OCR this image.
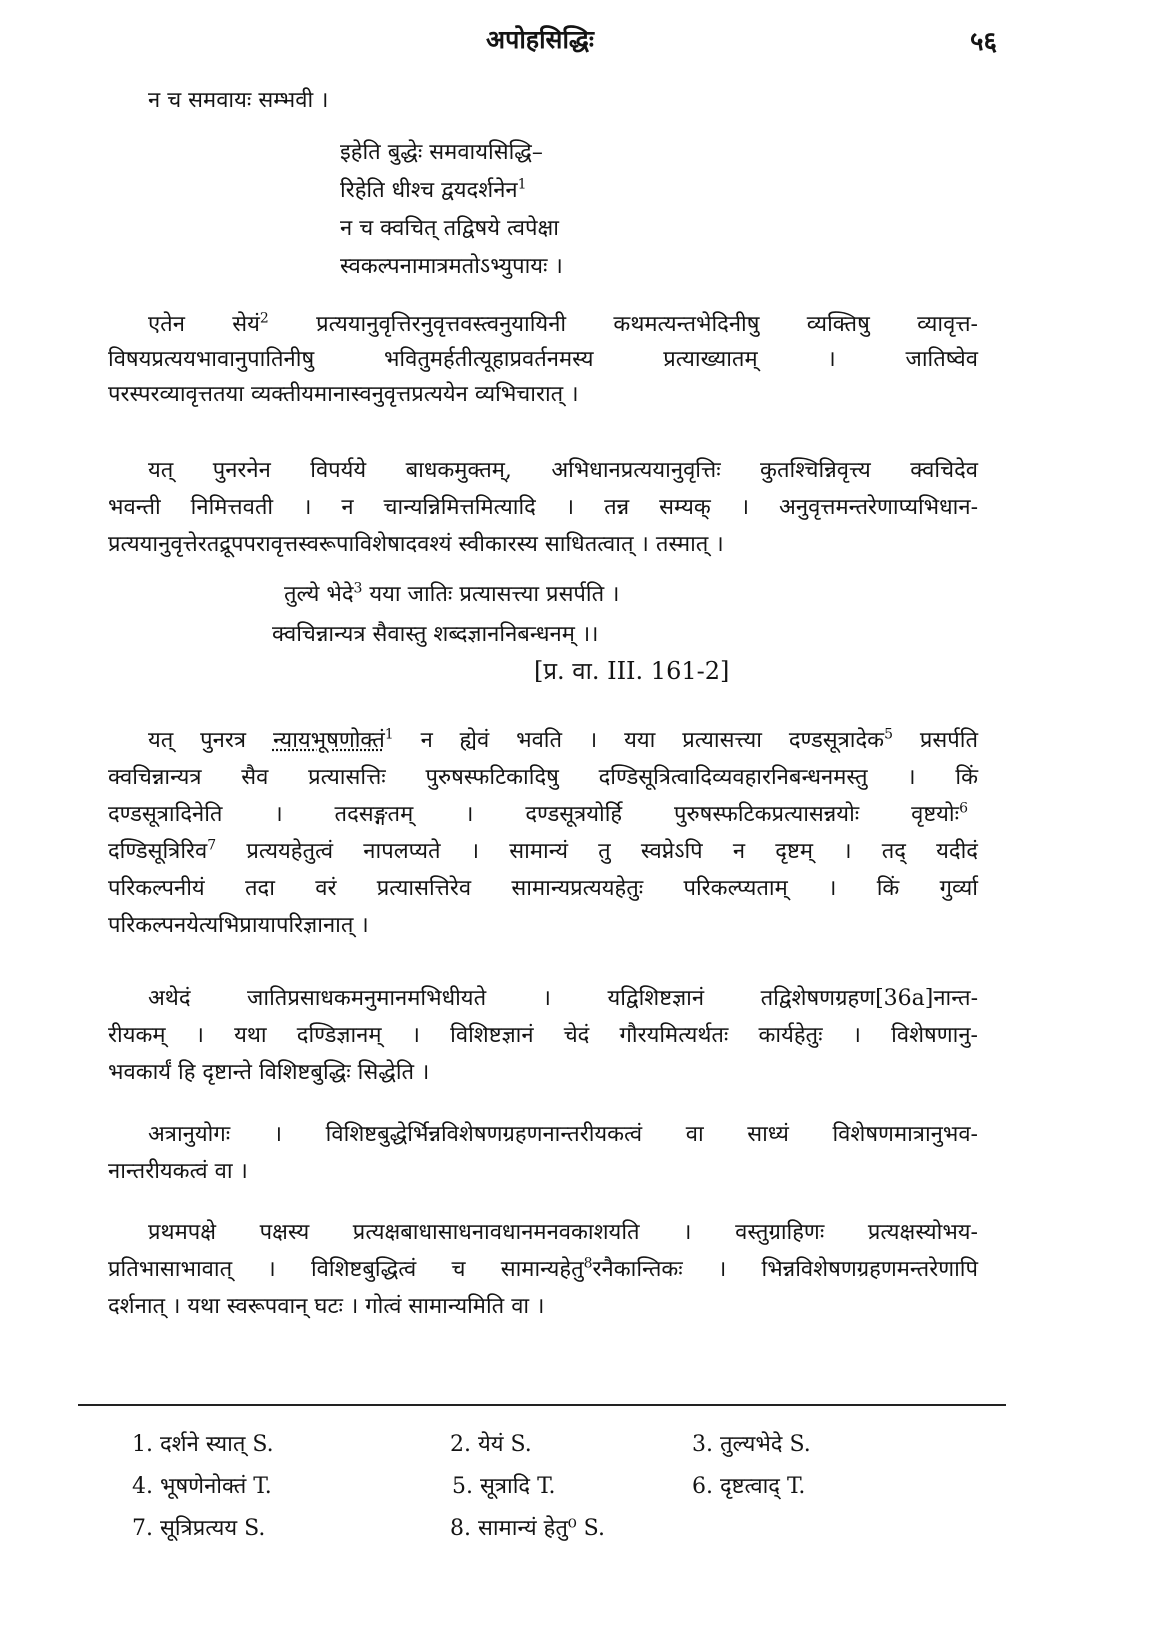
अपोहसिद्धिः	५६
न च समवायः सम्भवी ।
इहेति बुद्धेः समवायसिद्धि–
रिहेति धीश्च द्वयदर्शनेन$^1$
न च क्वचित् तद्विषये त्वपेक्षा
स्वकल्पनामात्रमतोऽभ्युपायः ।
एतेन सेयं$^2$ प्रत्ययानुवृत्तिरनुवृत्तवस्त्वनुयायिनी कथमत्यन्तभेदिनीषु व्यक्तिषु व्यावृत्त-
विषयप्रत्ययभावानुपातिनीषु भवितुमर्हतीत्यूहाप्रवर्तनमस्य प्रत्याख्यातम् । जातिष्वेव
परस्परव्यावृत्ततया व्यक्तीयमानास्वनुवृत्तप्रत्ययेन व्यभिचारात् ।
यत् पुनरनेन विपर्यये बाधकमुक्तम्, अभिधानप्रत्ययानुवृत्तिः कुतश्चिन्निवृत्त्य क्वचिदेव
भवन्ती निमित्तवती । न चान्यन्निमित्तमित्यादि । तन्न सम्यक् । अनुवृत्तमन्तरेणाप्यभिधान-
प्रत्ययानुवृत्तेरतद्रूपपरावृत्तस्वरूपाविशेषादवश्यं स्वीकारस्य साधितत्वात् । तस्मात् ।
तुल्ये भेदे$^3$ यया जातिः प्रत्यासत्त्या प्रसर्पति ।
क्वचिन्नान्यत्र सैवास्तु शब्दज्ञाननिबन्धनम् ।।
[प्र. वा. III. 161-2]
यत् पुनरत्र न्यायभूषणोक्तं$^1$ न ह्येवं भवति । यया प्रत्यासत्त्या दण्डसूत्रादेक$^5$ प्रसर्पति
क्वचिन्नान्यत्र सैव प्रत्यासत्तिः पुरुषस्फटिकादिषु दण्डिसूत्रित्वादिव्यवहारनिबन्धनमस्तु । किं
दण्डसूत्रादिनेति । तदसङ्गतम् । दण्डसूत्रयोर्हि पुरुषस्फटिकप्रत्यासन्नयोः वृष्टयोः$^6$
दण्डिसूत्रिरिव$^7$ प्रत्ययहेतुत्वं नापलप्यते । सामान्यं तु स्वप्नेऽपि न दृष्टम् । तद् यदीदं
परिकल्पनीयं तदा वरं प्रत्यासत्तिरेव सामान्यप्रत्ययहेतुः परिकल्प्यताम् । किं गुर्व्या
परिकल्पनयेत्यभिप्रायापरिज्ञानात् ।
अथेदं जातिप्रसाधकमनुमानमभिधीयते । यद्विशिष्टज्ञानं तद्विशेषणग्रहण[36a]नान्त-
रीयकम् । यथा दण्डिज्ञानम् । विशिष्टज्ञानं चेदं गौरयमित्यर्थतः कार्यहेतुः । विशेषणानु-
भवकार्यं हि दृष्टान्ते विशिष्टबुद्धिः सिद्धेति ।
अत्रानुयोगः । विशिष्टबुद्धेर्भिन्नविशेषणग्रहणनान्तरीयकत्वं वा साध्यं विशेषणमात्रानुभव-
नान्तरीयकत्वं वा ।
प्रथमपक्षे पक्षस्य प्रत्यक्षबाधासाधनावधानमनवकाशयति । वस्तुग्राहिणः प्रत्यक्षस्योभय-
प्रतिभासाभावात् । विशिष्टबुद्धित्वं च सामान्यहेतु$^8$रनैकान्तिकः । भिन्नविशेषणग्रहणमन्तरेणापि
दर्शनात् । यथा स्वरूपवान् घटः । गोत्वं सामान्यमिति वा ।
1. दर्शने स्यात् S.	2. येयं S.	3. तुल्यभेदे S.
4. भूषणेनोक्तं T.	5. सूत्रादि T.	6. दृष्टत्वाद् T.
7. सूत्रिप्रत्यय S.	8. सामान्यं हेतु⁰ S.
